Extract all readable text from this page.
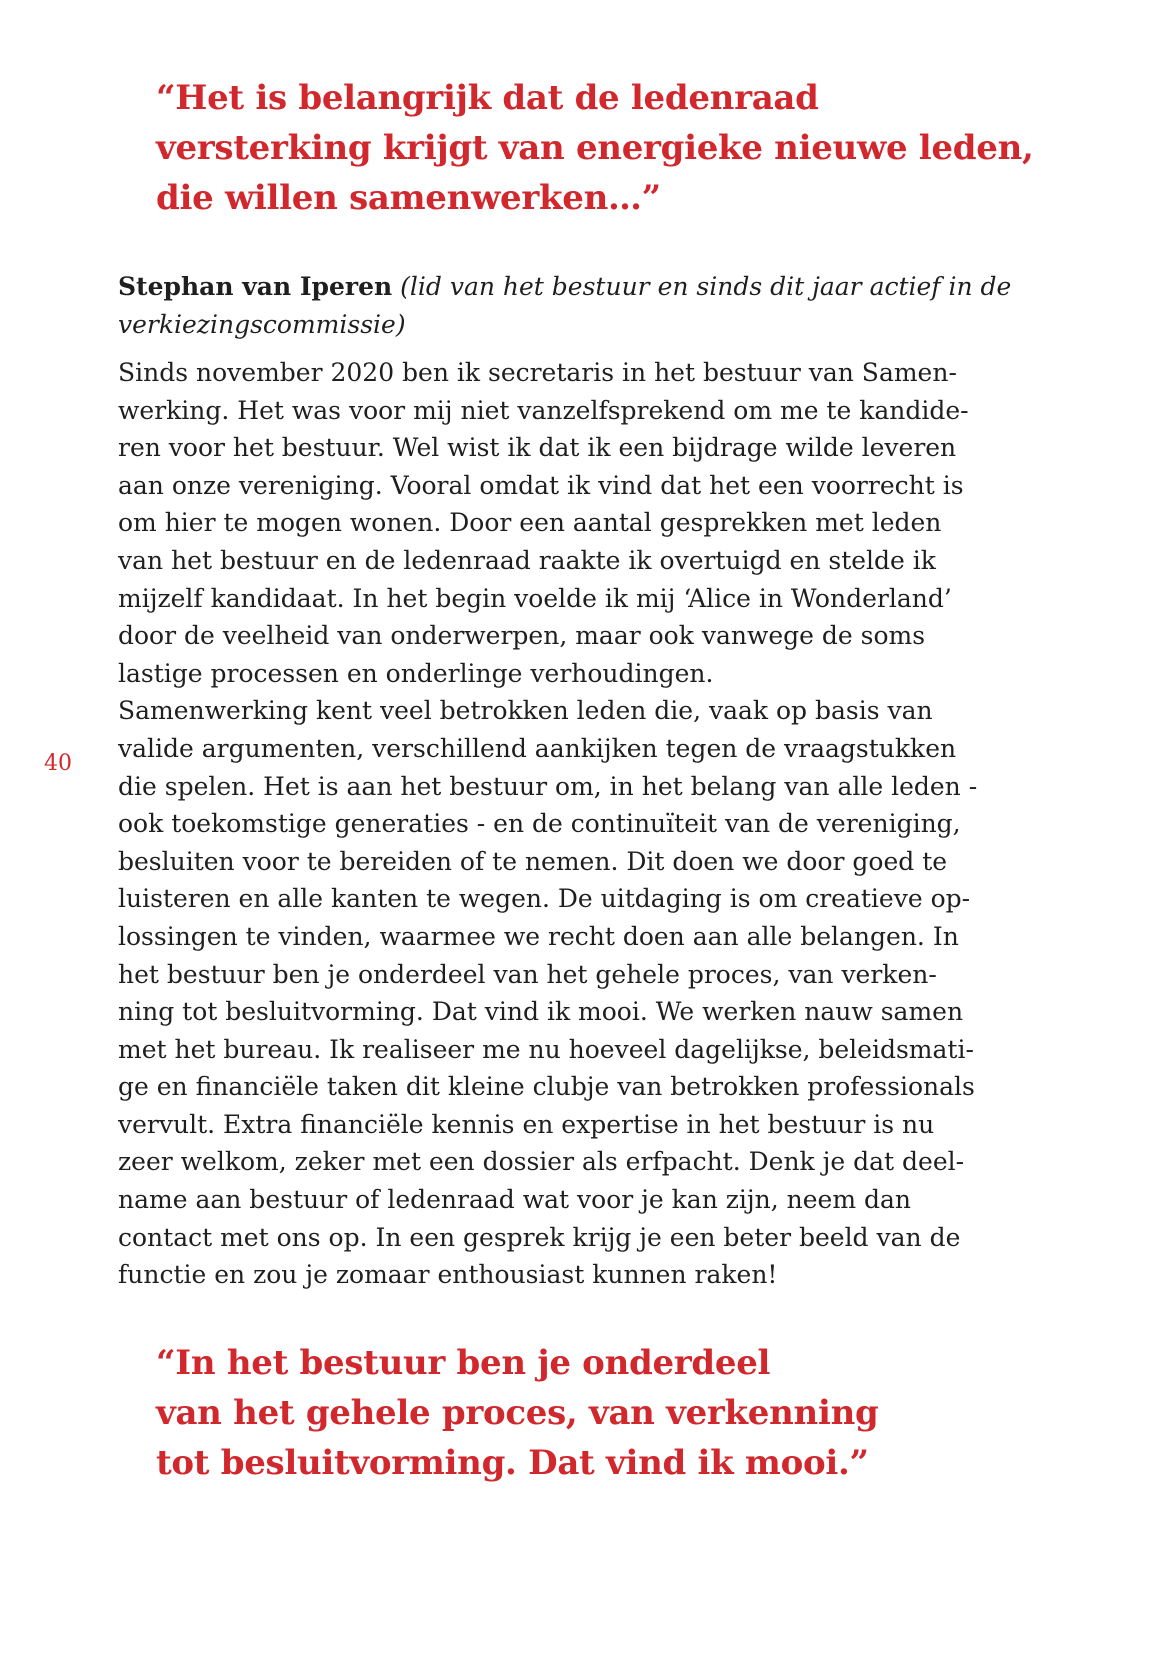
“Het is belangrijk dat de ledenraad
versterking krijgt van energieke nieuwe leden,
die willen samenwerken…”
Stephan van Iperen (lid van het bestuur en sinds dit jaar actief in de
verkiezingscommissie)
Sinds november 2020 ben ik secretaris in het bestuur van Samen-
werking. Het was voor mij niet vanzelfsprekend om me te kandide-
ren voor het bestuur. Wel wist ik dat ik een bijdrage wilde leveren
aan onze vereniging. Vooral omdat ik vind dat het een voorrecht is
om hier te mogen wonen. Door een aantal gesprekken met leden
van het bestuur en de ledenraad raakte ik overtuigd en stelde ik
mijzelf kandidaat. In het begin voelde ik mij ‘Alice in Wonderland’
door de veelheid van onderwerpen, maar ook vanwege de soms
lastige processen en onderlinge verhoudingen.
Samenwerking kent veel betrokken leden die, vaak op basis van
valide argumenten, verschillend aankijken tegen de vraagstukken
die spelen. Het is aan het bestuur om, in het belang van alle leden -
ook toekomstige generaties - en de continuïteit van de vereniging,
besluiten voor te bereiden of te nemen. Dit doen we door goed te
luisteren en alle kanten te wegen. De uitdaging is om creatieve op-
lossingen te vinden, waarmee we recht doen aan alle belangen. In
het bestuur ben je onderdeel van het gehele proces, van verken-
ning tot besluitvorming. Dat vind ik mooi. We werken nauw samen
met het bureau. Ik realiseer me nu hoeveel dagelijkse, beleidsmati-
ge en financiële taken dit kleine clubje van betrokken professionals
vervult. Extra financiële kennis en expertise in het bestuur is nu
zeer welkom, zeker met een dossier als erfpacht. Denk je dat deel-
name aan bestuur of ledenraad wat voor je kan zijn, neem dan
contact met ons op. In een gesprek krijg je een beter beeld van de
functie en zou je zomaar enthousiast kunnen raken!
40
“In het bestuur ben je onderdeel
van het gehele proces, van verkenning
tot besluitvorming. Dat vind ik mooi.”
